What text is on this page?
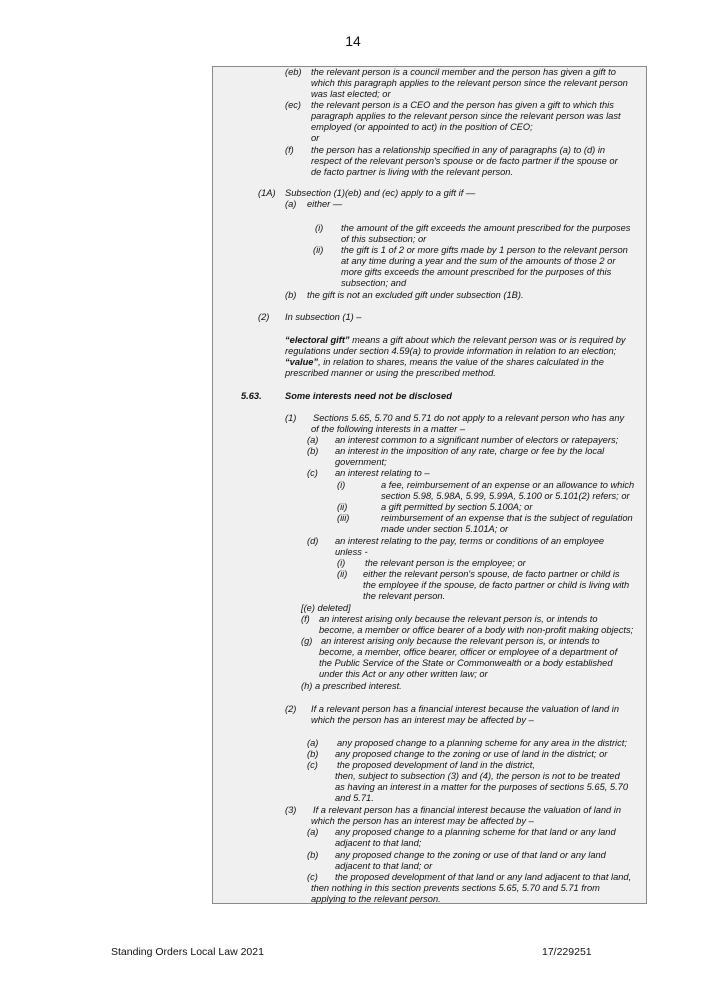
14
(eb) the relevant person is a council member and the person has given a gift to
which this paragraph applies to the relevant person since the relevant person
was last elected; or
(ec) the relevant person is a CEO and the person has given a gift to which this
paragraph applies to the relevant person since the relevant person was last
employed (or appointed to act) in the position of CEO;
or
(f) the person has a relationship specified in any of paragraphs (a) to (d) in
respect of the relevant person's spouse or de facto partner if the spouse or
de facto partner is living with the relevant person.
(1A) Subsection (1)(eb) and (ec) apply to a gift if —
(a) either —
(i) the amount of the gift exceeds the amount prescribed for the purposes
of this subsection; or
(ii) the gift is 1 of 2 or more gifts made by 1 person to the relevant person
at any time during a year and the sum of the amounts of those 2 or
more gifts exceeds the amount prescribed for the purposes of this
subsection; and
(b) the gift is not an excluded gift under subsection (1B).
(2) In subsection (1) –
“electoral gift” means a gift about which the relevant person was or is required by
regulations under section 4.59(a) to provide information in relation to an election;
“value”, in relation to shares, means the value of the shares calculated in the
prescribed manner or using the prescribed method.
5.63.	Some interests need not be disclosed
(1) Sections 5.65, 5.70 and 5.71 do not apply to a relevant person who has any
of the following interests in a matter –
(a) an interest common to a significant number of electors or ratepayers;
(b) an interest in the imposition of any rate, charge or fee by the local
government;
(c) an interest relating to –
(i)	a fee, reimbursement of an expense or an allowance to which
section 5.98, 5.98A, 5.99, 5.99A, 5.100 or 5.101(2) refers; or
(ii)	a gift permitted by section 5.100A; or
(iii)	reimbursement of an expense that is the subject of regulation
made under section 5.101A; or
(d) an interest relating to the pay, terms or conditions of an employee
unless -
(i) the relevant person is the employee; or
(ii) either the relevant person's spouse, de facto partner or child is
the employee if the spouse, de facto partner or child is living with
the relevant person.
[(e) deleted]
(f) an interest arising only because the relevant person is, or intends to
become, a member or office bearer of a body with non-profit making objects;
(g) an interest arising only because the relevant person is, or intends to
become, a member, office bearer, officer or employee of a department of
the Public Service of the State or Commonwealth or a body established
under this Act or any other written law; or
(h) a prescribed interest.
(2) If a relevant person has a financial interest because the valuation of land in
which the person has an interest may be affected by –
(a) any proposed change to a planning scheme for any area in the district;
(b) any proposed change to the zoning or use of land in the district; or
(c) the proposed development of land in the district,
then, subject to subsection (3) and (4), the person is not to be treated
as having an interest in a matter for the purposes of sections 5.65, 5.70
and 5.71.
(3) If a relevant person has a financial interest because the valuation of land in
which the person has an interest may be affected by –
(a) any proposed change to a planning scheme for that land or any land
adjacent to that land;
(b) any proposed change to the zoning or use of that land or any land
adjacent to that land; or
(c) the proposed development of that land or any land adjacent to that land,
then nothing in this section prevents sections 5.65, 5.70 and 5.71 from
applying to the relevant person.
Standing Orders Local Law 2021	17/229251
